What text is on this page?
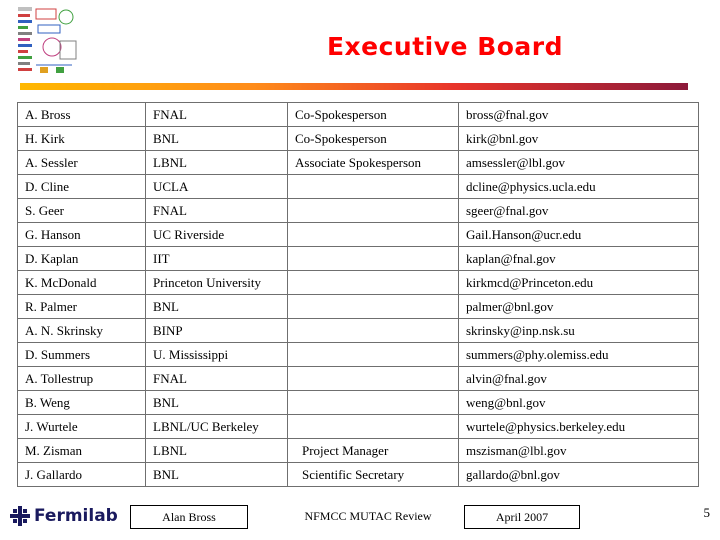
Executive Board
A. Bross	FNAL	Co-Spokesperson	bross@fnal.gov
H. Kirk	BNL	Co-Spokesperson	kirk@bnl.gov
A. Sessler	LBNL	Associate Spokesperson	amsessler@lbl.gov
D. Cline	UCLA		dcline@physics.ucla.edu
S. Geer	FNAL		sgeer@fnal.gov
G. Hanson	UC Riverside		Gail.Hanson@ucr.edu
D. Kaplan	IIT		kaplan@fnal.gov
K. McDonald	Princeton University		kirkmcd@Princeton.edu
R. Palmer	BNL		palmer@bnl.gov
A. N. Skrinsky	BINP		skrinsky@inp.nsk.su
D. Summers	U. Mississippi		summers@phy.olemiss.edu
A. Tollestrup	FNAL		alvin@fnal.gov
B. Weng	BNL		weng@bnl.gov
J. Wurtele	LBNL/UC Berkeley		wurtele@physics.berkeley.edu
M. Zisman	LBNL	Project Manager	mszisman@lbl.gov
J. Gallardo	BNL	Scientific Secretary	gallardo@bnl.gov
Fermilab	Alan Bross	NFMCC MUTAC Review	April 2007	5
